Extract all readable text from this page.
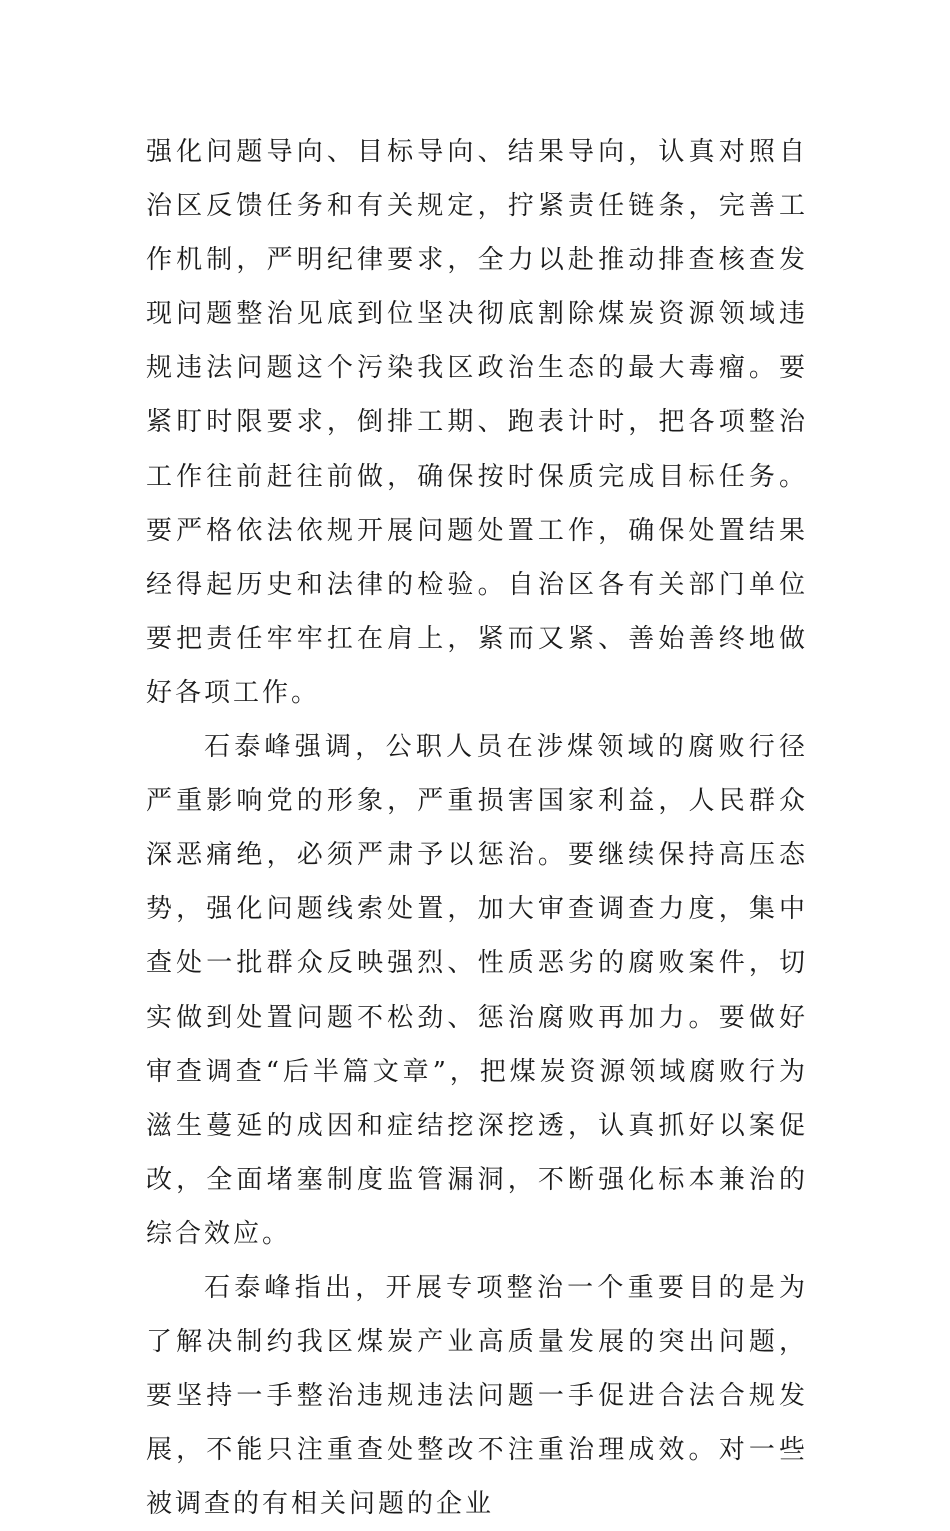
强化问题导向、目标导向、结果导向，认真对照自治区反馈任务和有关规定，拧紧责任链条，完善工作机制，严明纪律要求，全力以赴推动排查核查发现问题整治见底到位坚决彻底割除煤炭资源领域违规违法问题这个污染我区政治生态的最大毒瘤。要紧盯时限要求，倒排工期、跑表计时，把各项整治工作往前赶往前做，确保按时保质完成目标任务。要严格依法依规开展问题处置工作，确保处置结果经得起历史和法律的检验。自治区各有关部门单位要把责任牢牢扛在肩上，紧而又紧、善始善终地做好各项工作。

石泰峰强调，公职人员在涉煤领域的腐败行径严重影响党的形象，严重损害国家利益，人民群众深恶痛绝，必须严肃予以惩治。要继续保持高压态势，强化问题线索处置，加大审查调查力度，集中查处一批群众反映强烈、性质恶劣的腐败案件，切实做到处置问题不松劲、惩治腐败再加力。要做好审查调查“后半篇文章”，把煤炭资源领域腐败行为滋生蔓延的成因和症结挖深挖透，认真抓好以案促改，全面堵塞制度监管漏洞，不断强化标本兼治的综合效应。

石泰峰指出，开展专项整治一个重要目的是为了解决制约我区煤炭产业高质量发展的突出问题，要坚持一手整治违规违法问题一手促进合法合规发展，不能只注重查处整改不注重治理成效。对一些被调查的有相关问题的企业
